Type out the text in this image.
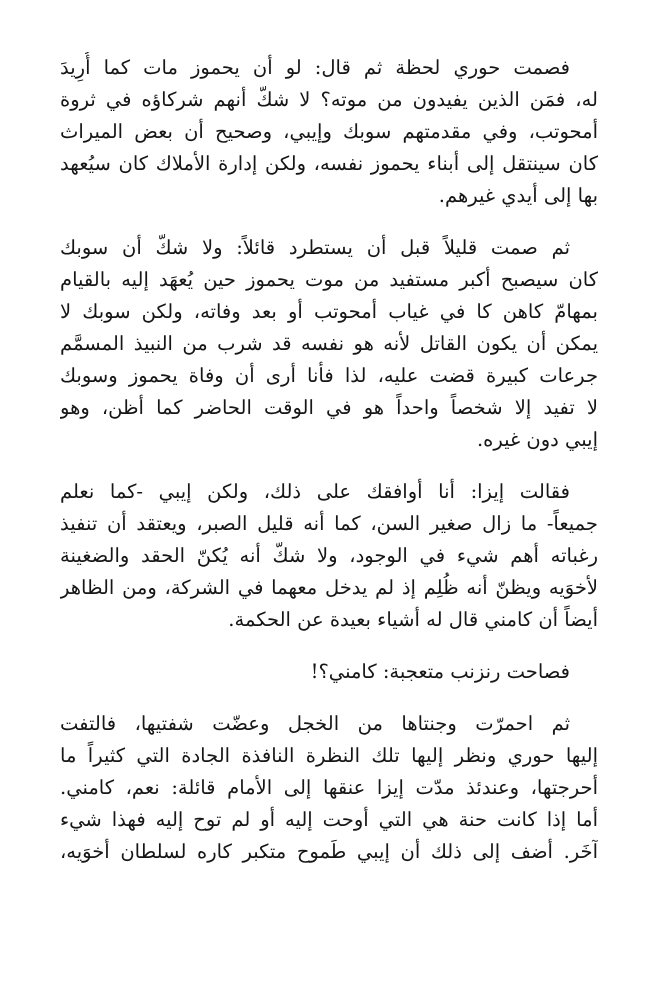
فصمت حوري لحظة ثم قال: لو أن يحموز مات كما أُرِيدَ
له، فمَن الذين يفيدون من موته؟ لا شكّ أنهم شركاؤه في ثروة
أمحوتب، وفي مقدمتهم سوبك وإيبي، وصحيح أن بعض الميراث
كان سينتقل إلى أبناء يحموز نفسه، ولكن إدارة الأملاك كان سيُعهد
بها إلى أيدي غيرهم.
ثم صمت قليلاً قبل أن يستطرد قائلاً: ولا شكّ أن سوبك
كان سيصبح أكبر مستفيد من موت يحموز حين يُعهَد إليه بالقيام
بمهامّ كاهن كا في غياب أمحوتب أو بعد وفاته، ولكن سوبك لا
يمكن أن يكون القاتل لأنه هو نفسه قد شرب من النبيذ المسمَّم
جرعات كبيرة قضت عليه، لذا فأنا أرى أن وفاة يحموز وسوبك
لا تفيد إلا شخصاً واحداً هو في الوقت الحاضر كما أظن، وهو
إيبي دون غيره.
فقالت إيزا: أنا أوافقك على ذلك، ولكن إيبي -كما نعلم
جميعاً- ما زال صغير السن، كما أنه قليل الصبر، ويعتقد أن تنفيذ
رغباته أهم شيء في الوجود، ولا شكّ أنه يُكنّ الحقد والضغينة
لأخوَيه ويظنّ أنه ظُلِم إذ لم يدخل معهما في الشركة، ومن الظاهر
أيضاً أن كامني قال له أشياء بعيدة عن الحكمة.
فصاحت رنزنب متعجبة: كامني؟!
ثم احمرّت وجنتاها من الخجل وعضّت شفتيها، فالتفت
إليها حوري ونظر إليها تلك النظرة النافذة الجادة التي كثيراً ما
أحرجتها، وعندئذ مدّت إيزا عنقها إلى الأمام قائلة: نعم، كامني.
أما إذا كانت حنة هي التي أوحت إليه أو لم توح إليه فهذا شيء
آخَر. أضف إلى ذلك أن إيبي طَموح متكبر كاره لسلطان أخوَيه،
